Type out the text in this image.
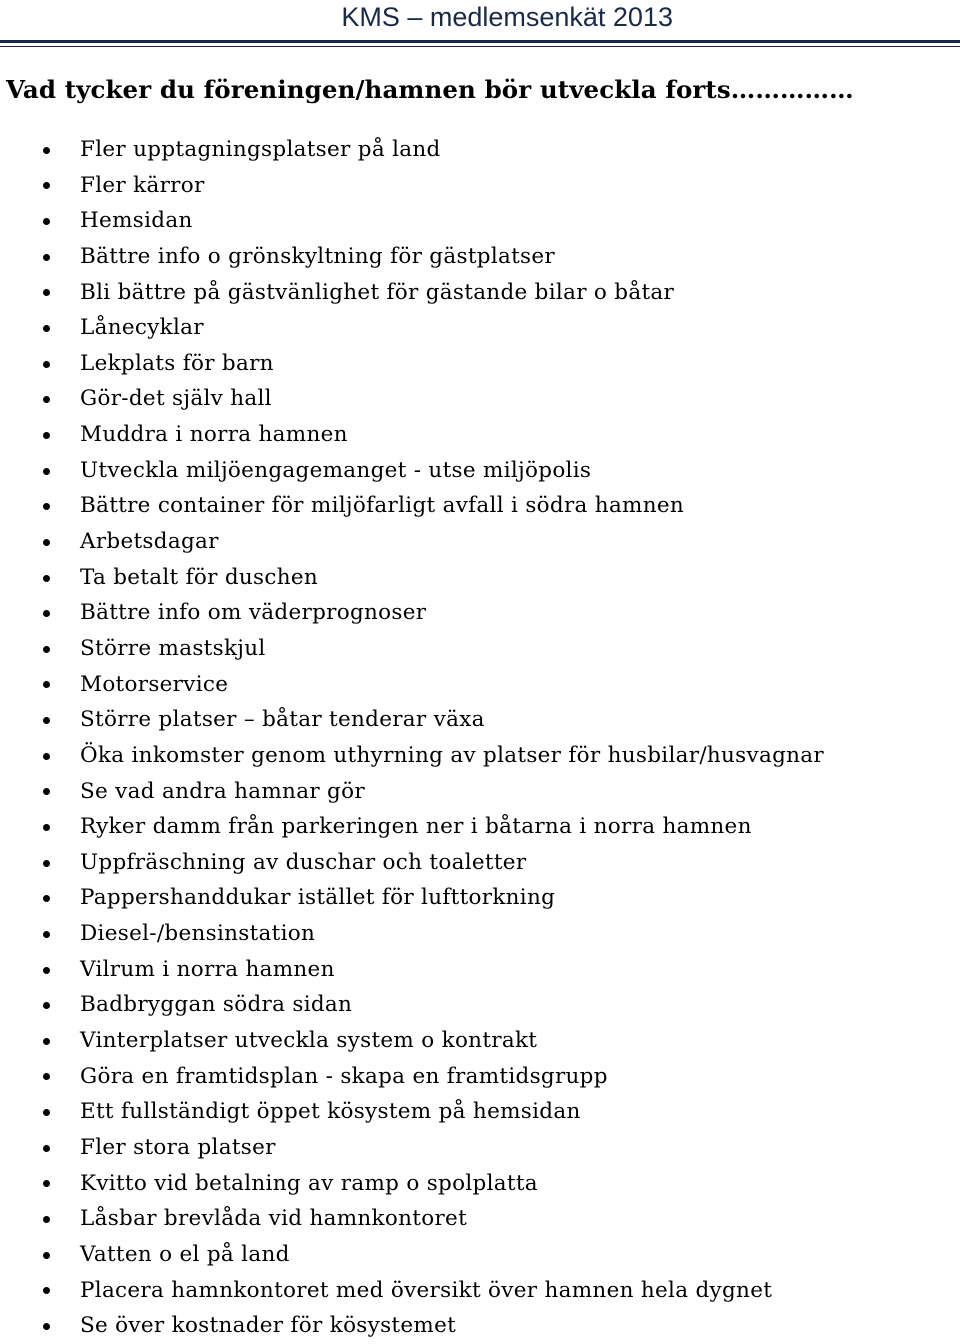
KMS – medlemsenkät 2013
Vad tycker du föreningen/hamnen bör utveckla forts……………
Fler upptagningsplatser på land
Fler kärror
Hemsidan
Bättre info o grönskyltning för gästplatser
Bli bättre på gästvänlighet för gästande bilar o båtar
Lånecyklar
Lekplats för barn
Gör-det själv hall
Muddra i norra hamnen
Utveckla miljöengagemanget - utse miljöpolis
Bättre container för miljöfarligt avfall i södra hamnen
Arbetsdagar
Ta betalt för duschen
Bättre info om väderprognoser
Större mastskjul
Motorservice
Större platser – båtar tenderar växa
Öka inkomster genom uthyrning av platser för husbilar/husvagnar
Se vad andra hamnar gör
Ryker damm från parkeringen ner i båtarna i norra hamnen
Uppfräschning av duschar och toaletter
Pappershanddukar istället för lufttorkning
Diesel-/bensinstation
Vilrum i norra hamnen
Badbryggan södra sidan
Vinterplatser utveckla system o kontrakt
Göra en framtidsplan - skapa en framtidsgrupp
Ett fullständigt öppet kösystem på hemsidan
Fler stora platser
Kvitto vid betalning av ramp o spolplatta
Låsbar brevlåda vid hamnkontoret
Vatten o el på land
Placera hamnkontoret med översikt över hamnen hela dygnet
Se över kostnader för kösystemet
